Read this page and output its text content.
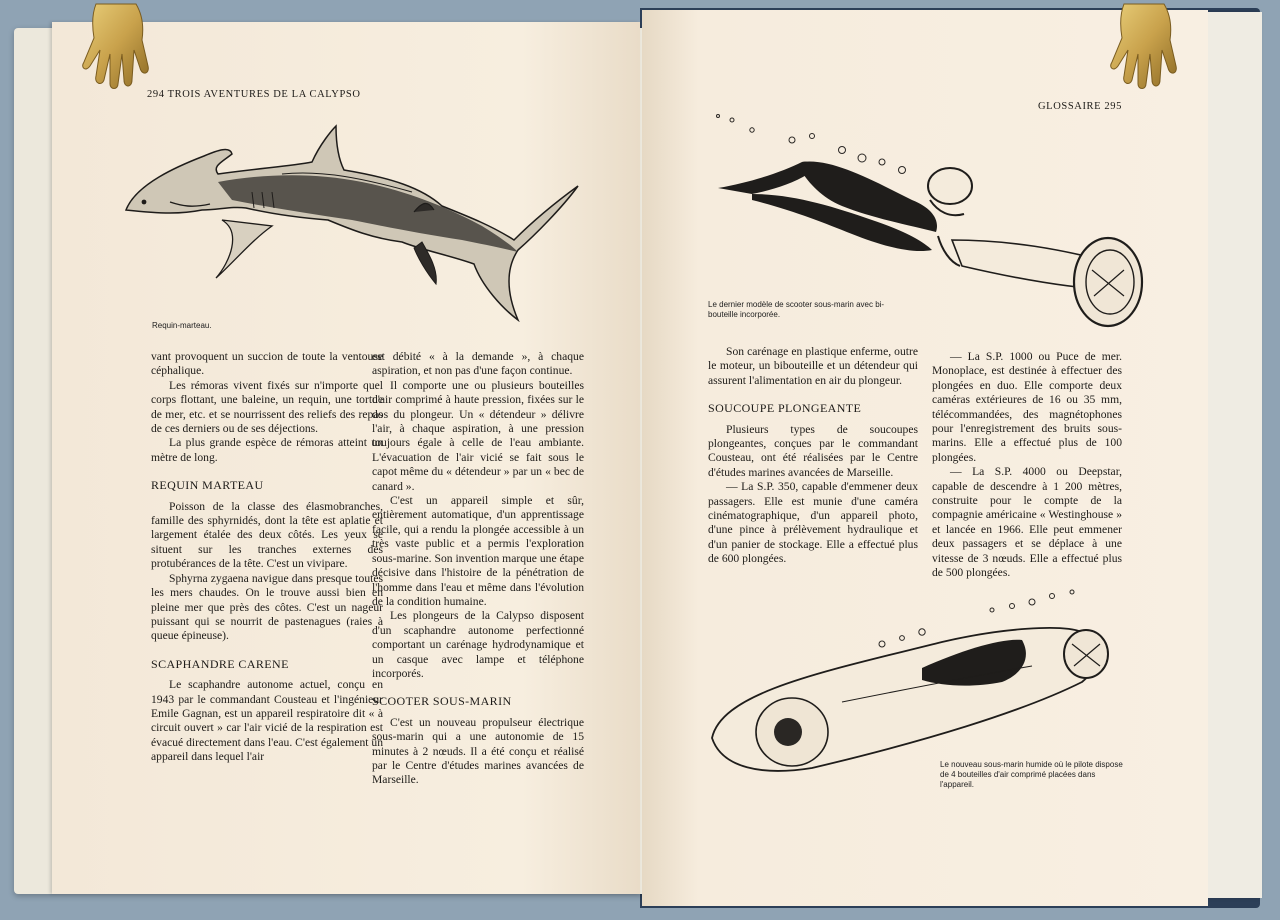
294 TROIS AVENTURES DE LA CALYPSO
GLOSSAIRE 295
Requin-marteau.

vant provoquent un succion de toute la ventouse céphalique.

Les rémoras vivent fixés sur n'importe quel corps flottant, une baleine, un requin, une tortue de mer, etc. et se nourrissent des reliefs des repas de ces derniers ou de ses déjections.

La plus grande espèce de rémoras atteint un mètre de long.

REQUIN MARTEAU

Poisson de la classe des élasmobranches, famille des sphyrnidés, dont la tête est aplatie et largement étalée des deux côtés. Les yeux se situent sur les tranches externes des protubérances de la tête. C'est un vivipare.

Sphyrna zygaena navigue dans presque toutes les mers chaudes. On le trouve aussi bien en pleine mer que près des côtes. C'est un nageur puissant qui se nourrit de pastenagues (raies à queue épineuse).

SCAPHANDRE CARENE

Le scaphandre autonome actuel, conçu en 1943 par le commandant Cousteau et l'ingénieur Emile Gagnan, est un appareil respiratoire dit « à circuit ouvert » car l'air vicié de la respiration est évacué directement dans l'eau. C'est également un appareil dans lequel l'air

est débité « à la demande », à chaque aspiration, et non pas d'une façon continue.

Il comporte une ou plusieurs bouteilles d'air comprimé à haute pression, fixées sur le dos du plongeur. Un « détendeur » délivre l'air, à chaque aspiration, à une pression toujours égale à celle de l'eau ambiante. L'évacuation de l'air vicié se fait sous le capot même du « détendeur » par un « bec de canard ».

C'est un appareil simple et sûr, entièrement automatique, d'un apprentissage facile, qui a rendu la plongée accessible à un très vaste public et a permis l'exploration sous-marine. Son invention marque une étape décisive dans l'histoire de la pénétration de l'homme dans l'eau et même dans l'évolution de la condition humaine.

Les plongeurs de la Calypso disposent d'un scaphandre autonome perfectionné comportant un carénage hydrodynamique et un casque avec lampe et téléphone incorporés.

SCOOTER SOUS-MARIN

C'est un nouveau propulseur électrique sous-marin qui a une autonomie de 15 minutes à 2 nœuds. Il a été conçu et réalisé par le Centre d'études marines avancées de Marseille.

Le dernier modèle de scooter sous-marin avec bi-bouteille incorporée.

Son carénage en plastique enferme, outre le moteur, un bibouteille et un détendeur qui assurent l'alimentation en air du plongeur.

SOUCOUPE PLONGEANTE

Plusieurs types de soucoupes plongeantes, conçues par le commandant Cousteau, ont été réalisées par le Centre d'études marines avancées de Marseille.

— La S.P. 350, capable d'emmener deux passagers. Elle est munie d'une caméra cinématographique, d'un appareil photo, d'une pince à prélèvement hydraulique et d'un panier de stockage. Elle a effectué plus de 600 plongées.

— La S.P. 1000 ou Puce de mer. Monoplace, est destinée à effectuer des plongées en duo. Elle comporte deux caméras extérieures de 16 ou 35 mm, télécommandées, des magnétophones pour l'enregistrement des bruits sous-marins. Elle a effectué plus de 100 plongées.

— La S.P. 4000 ou Deepstar, capable de descendre à 1 200 mètres, construite pour le compte de la compagnie américaine « Westinghouse » et lancée en 1966. Elle peut emmener deux passagers et se déplace à une vitesse de 3 nœuds. Elle a effectué plus de 500 plongées.

Le nouveau sous-marin humide où le pilote dispose de 4 bouteilles d'air comprimé placées dans l'appareil.
